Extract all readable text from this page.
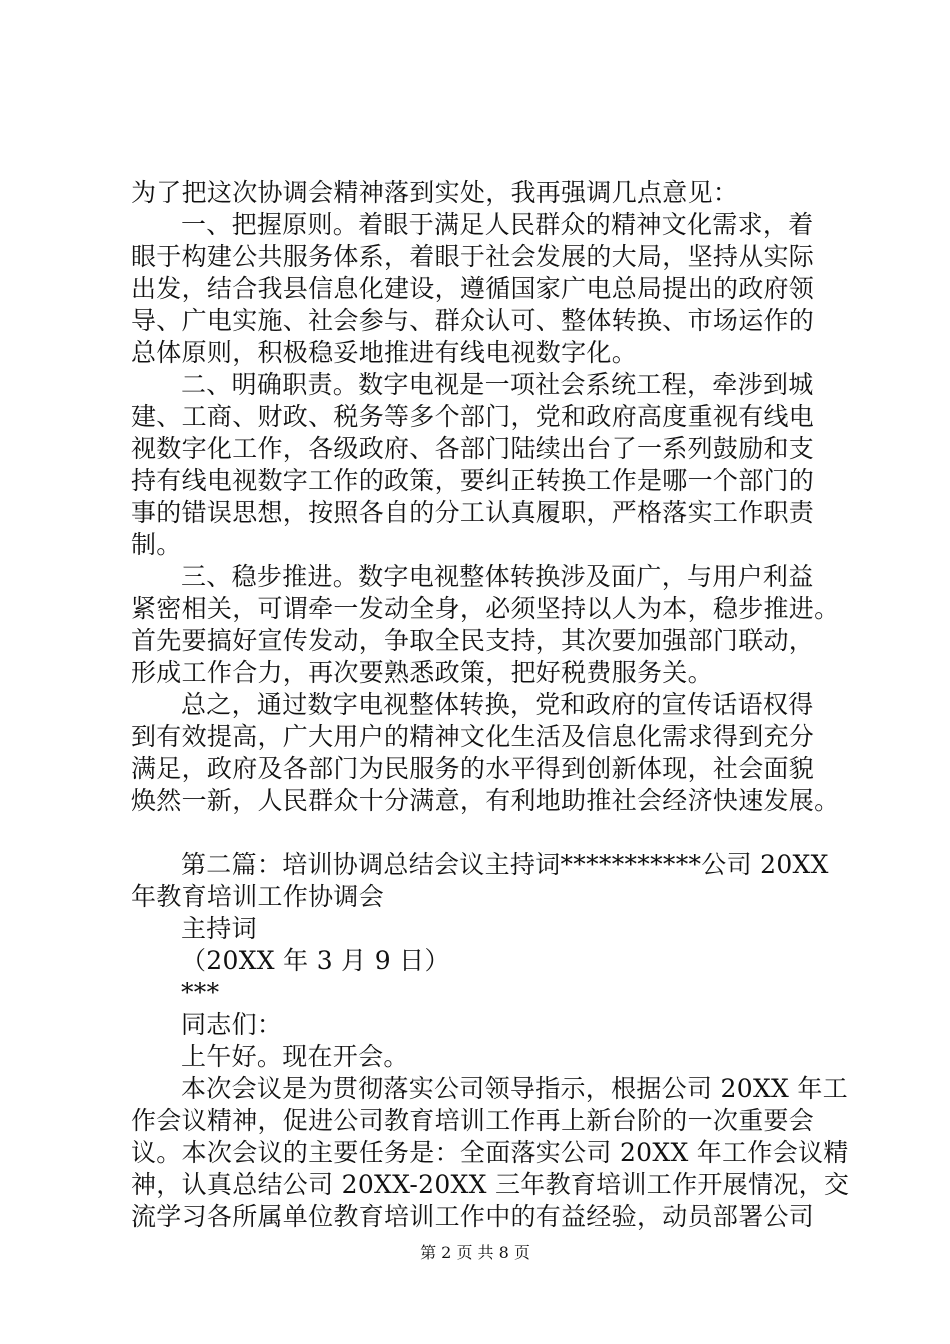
为了把这次协调会精神落到实处，我再强调几点意见：
一、把握原则。着眼于满足人民群众的精神文化需求，着
眼于构建公共服务体系，着眼于社会发展的大局，坚持从实际
出发，结合我县信息化建设，遵循国家广电总局提出的政府领
导、广电实施、社会参与、群众认可、整体转换、市场运作的
总体原则，积极稳妥地推进有线电视数字化。
二、明确职责。数字电视是一项社会系统工程，牵涉到城
建、工商、财政、税务等多个部门，党和政府高度重视有线电
视数字化工作，各级政府、各部门陆续出台了一系列鼓励和支
持有线电视数字工作的政策，要纠正转换工作是哪一个部门的
事的错误思想，按照各自的分工认真履职，严格落实工作职责
制。
三、稳步推进。数字电视整体转换涉及面广，与用户利益
紧密相关，可谓牵一发动全身，必须坚持以人为本，稳步推进。
首先要搞好宣传发动，争取全民支持，其次要加强部门联动，
形成工作合力，再次要熟悉政策，把好税费服务关。
总之，通过数字电视整体转换，党和政府的宣传话语权得
到有效提高，广大用户的精神文化生活及信息化需求得到充分
满足，政府及各部门为民服务的水平得到创新体现，社会面貌
焕然一新，人民群众十分满意，有利地助推社会经济快速发展。
第二篇：培训协调总结会议主持词***********公司 20XX
年教育培训工作协调会
主持词
（20XX 年 3 月 9 日）
***
同志们：
上午好。现在开会。
本次会议是为贯彻落实公司领导指示，根据公司 20XX 年工
作会议精神，促进公司教育培训工作再上新台阶的一次重要会
议。本次会议的主要任务是：全面落实公司 20XX 年工作会议精
神，认真总结公司 20XX-20XX 三年教育培训工作开展情况，交
流学习各所属单位教育培训工作中的有益经验，动员部署公司
第 2 页 共 8 页
